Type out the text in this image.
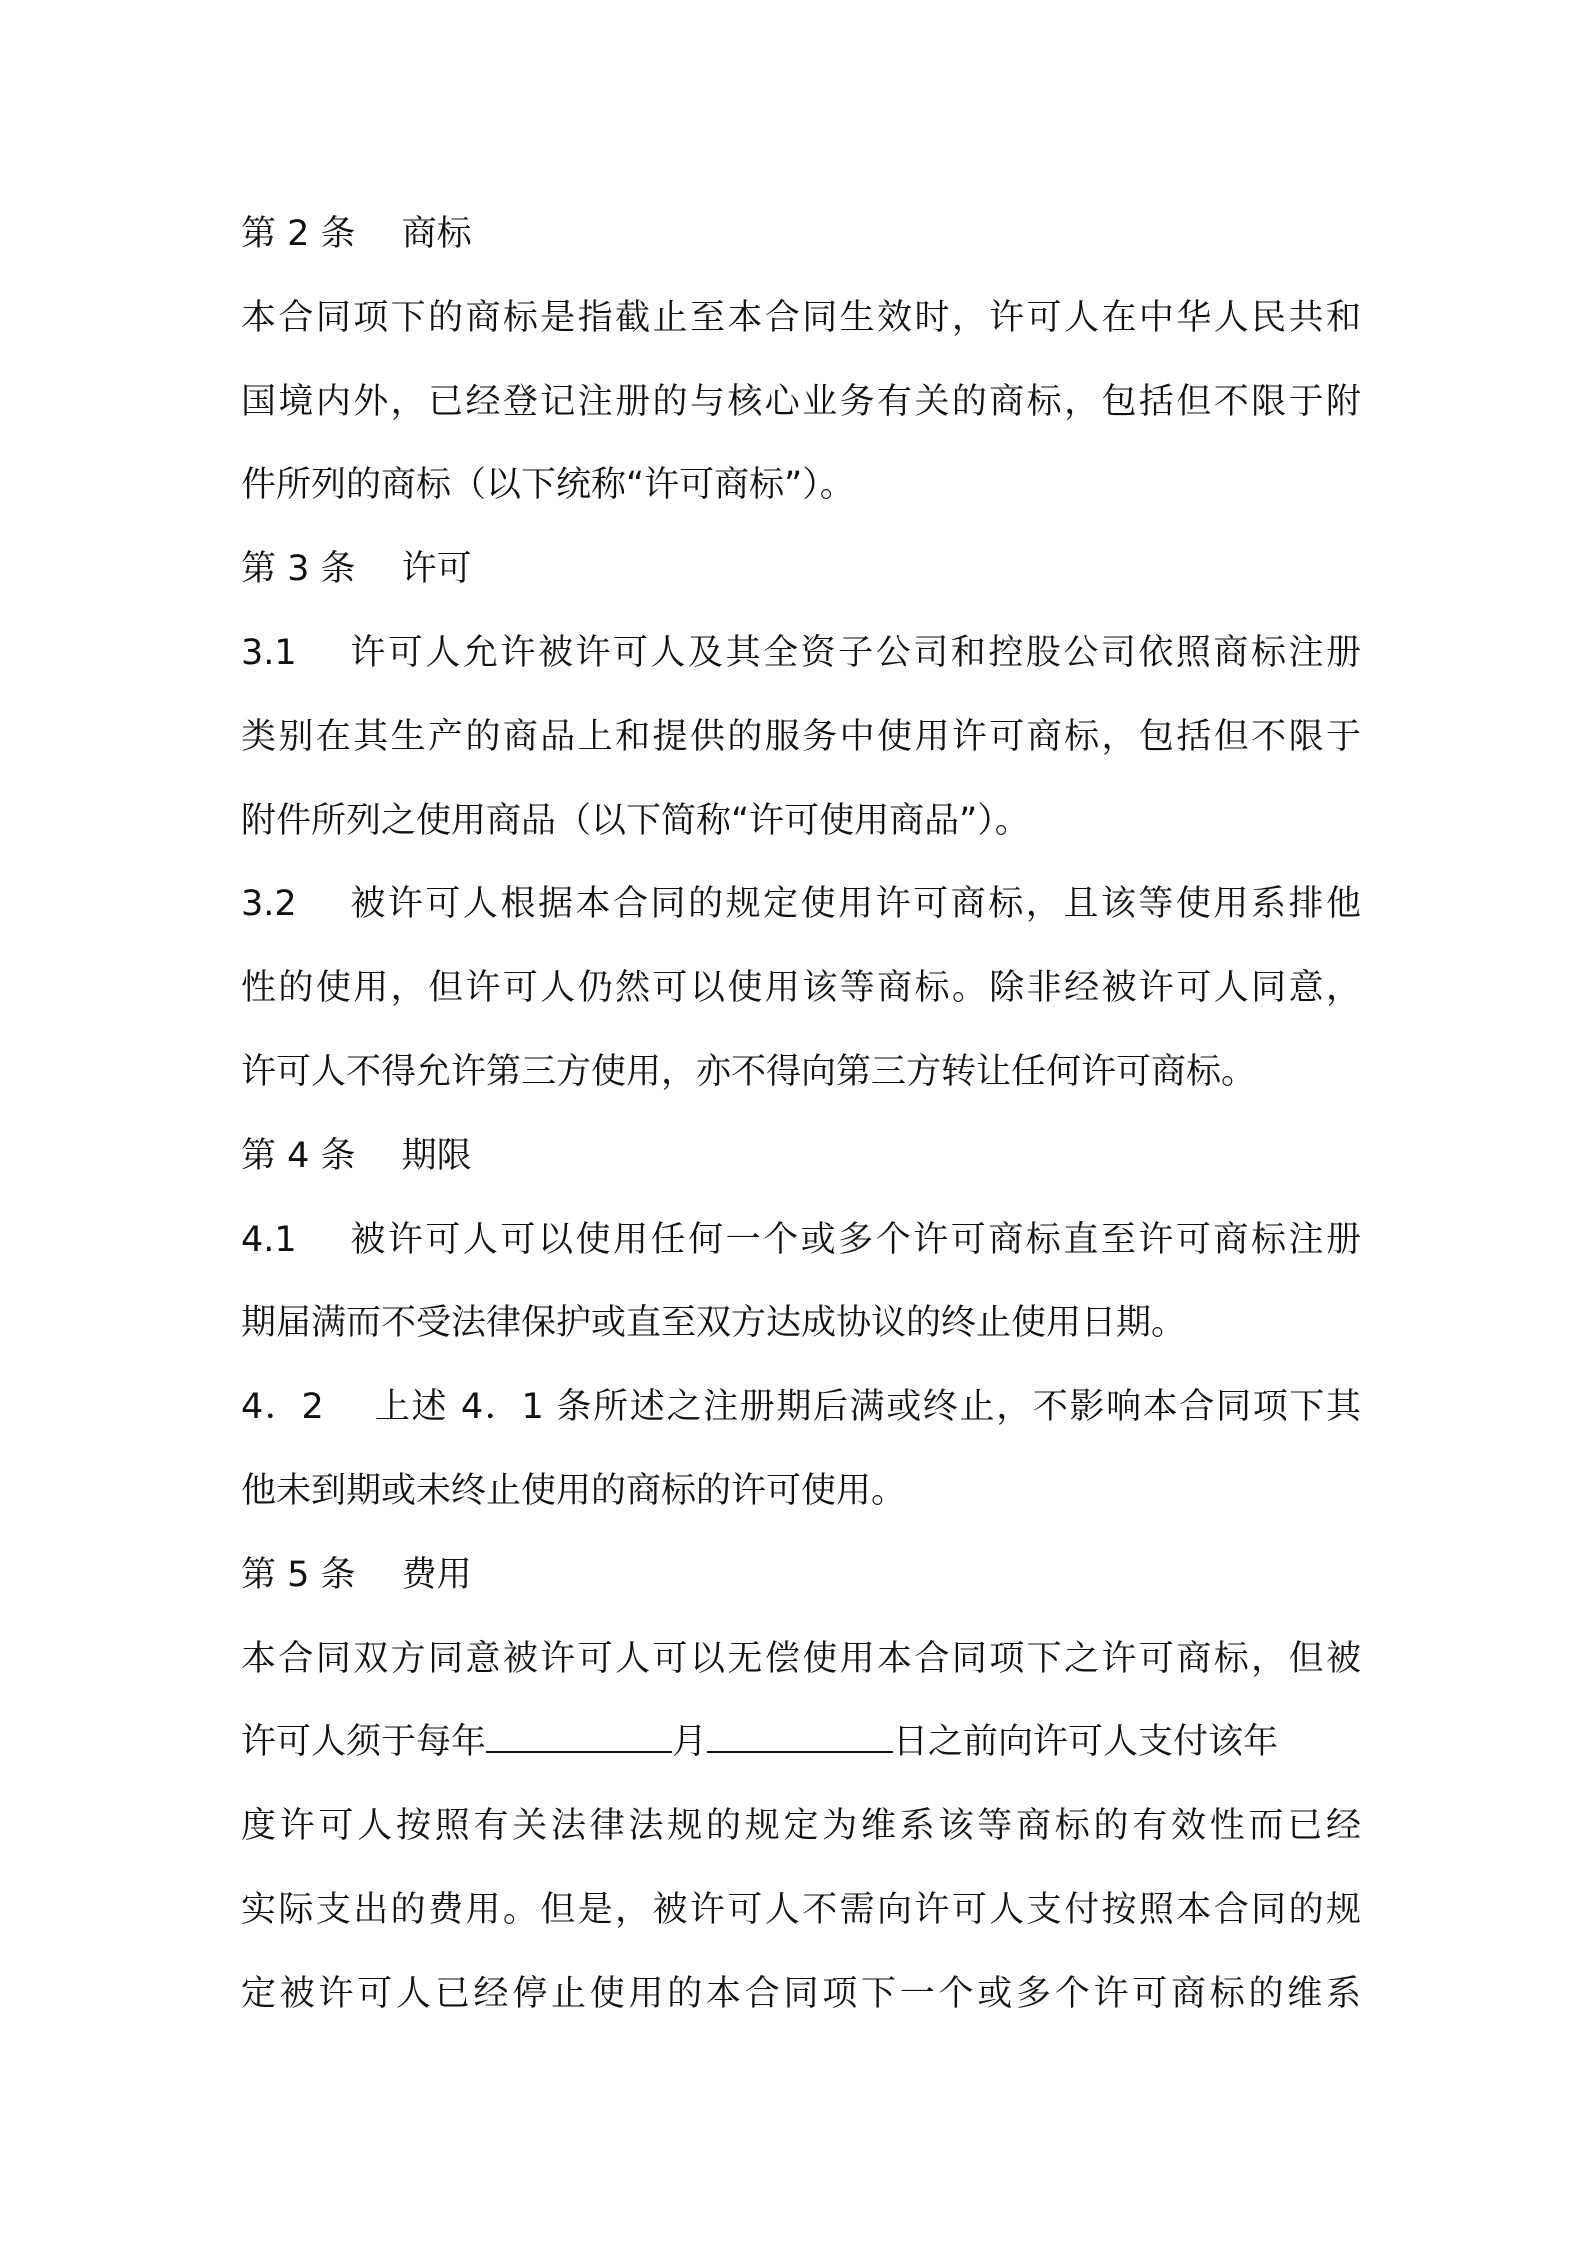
第 2 条　 商标
本合同项下的商标是指截止至本合同生效时，许可人在中华人民共和
国境内外，已经登记注册的与核心业务有关的商标，包括但不限于附
件所列的商标（以下统称“许可商标”）。
第 3 条　 许可
3.1　 许可人允许被许可人及其全资子公司和控股公司依照商标注册
类别在其生产的商品上和提供的服务中使用许可商标，包括但不限于
附件所列之使用商品（以下简称“许可使用商品”）。
3.2　 被许可人根据本合同的规定使用许可商标，且该等使用系排他
性的使用，但许可人仍然可以使用该等商标。除非经被许可人同意，
许可人不得允许第三方使用，亦不得向第三方转让任何许可商标。
第 4 条　 期限
4.1　 被许可人可以使用任何一个或多个许可商标直至许可商标注册
期届满而不受法律保护或直至双方达成协议的终止使用日期。
4．2　 上述 4．1 条所述之注册期后满或终止，不影响本合同项下其
他未到期或未终止使用的商标的许可使用。
第 5 条　 费用
本合同双方同意被许可人可以无偿使用本合同项下之许可商标，但被
许可人须于每年	月	日之前向许可人支付该年
度许可人按照有关法律法规的规定为维系该等商标的有效性而已经
实际支出的费用。但是，被许可人不需向许可人支付按照本合同的规
定被许可人已经停止使用的本合同项下一个或多个许可商标的维系
